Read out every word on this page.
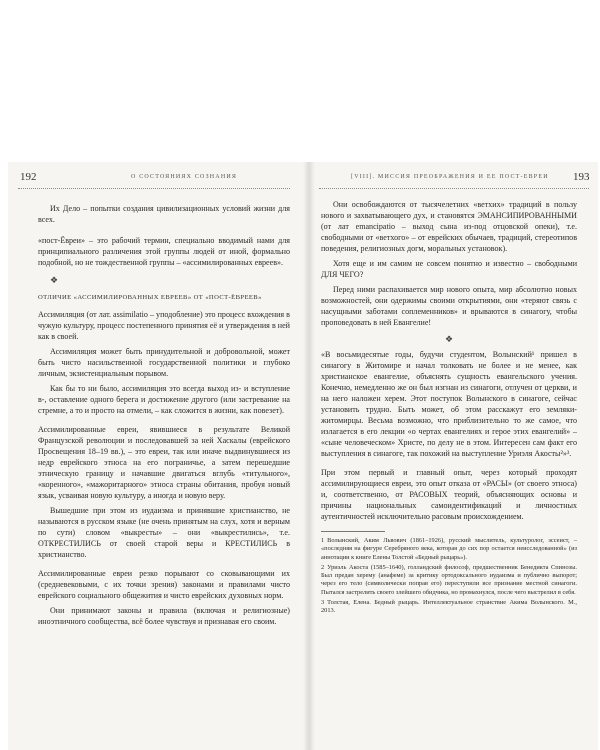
192	О СОСТОЯНИЯХ СОЗНАНИЯ

Их Дело – попытки создания цивилизационных условий жизни для всех.

«пост-Ёвреи» – это рабочий термин, специально вводимый нами для принципиального различения этой группы людей от иной, формально подобной, но не тождественной группы – «ассимилированных евреев».

❖
ОТЛИЧИЕ «АССИМИЛИРОВАННЫХ ЕВРЕЕВ» ОТ «ПОСТ-ЁВРЕЕВ»

Ассимиляция (от лат. assimilatio – уподобление) это процесс вхождения в чужую культуру, процесс постепенного принятия её и утверждения в ней как в своей.

Ассимиляция может быть принудительной и добровольной, может быть чисто насильственной государственной политики и глубоко личным, экзистенциальным порывом.

Как бы то ни было, ассимиляция это всегда выход из- и вступление в-, оставление одного берега и достижение другого (или застревание на стремне, а то и просто на отмели, – как сложится в жизни, как повезет).

Ассимилированные евреи, явившиеся в результате Великой Французской революции и последовавшей за ней Хаскалы (еврейского Просвещения 18–19 вв.), – это евреи, так или иначе выдвинувшиеся из недр еврейского этноса на его пограничье, а затем перешедшие этническую границу и начавшие двигаться вглубь «титульного», «коренного», «мажоритарного» этноса страны обитания, пробуя новый язык, усваивая новую культуру, а иногда и новую веру.

Вышедшие при этом из иудаизма и принявшие христианство, не называются в русском языке (не очень принятым на слух, хотя и верным по сути) словом «выкресты» – они «выкрестились», т.е. ОТКРЕСТИЛИСЬ от своей старой веры и КРЕСТИЛИСЬ в христианство.

Ассимилированные евреи резко порывают со сковывающими их (средневековыми, с их точки зрения) законами и правилами чисто еврейского социального общежития и чисто еврейских духовных норм.

Они принимают законы и правила (включая и религиозные) иноэтничного сообщества, всё более чувствуя и признавая его своим.

[VIII]. МИССИЯ ПРЕОБРАЖЕНИЯ И ЕЕ ПОСТ-ЕВРЕИ 193

Они освобождаются от тысячелетних «ветхих» традиций в пользу нового и захватывающего дух, и становятся ЭМАНСИПИРОВАННЫМИ (от лат emancipatio – выход сына из-под отцовской опеки), т.е. свободными от «ветхого» – от еврейских обычаев, традиций, стереотипов поведения, религиозных догм, моральных установок).

Хотя еще и им самим не совсем понятно и известно – свободными ДЛЯ ЧЕГО?

Перед ними распахивается мир нового опыта, мир абсолютно новых возможностей, они одержимы своими открытиями, они «теряют связь с насущными заботами соплеменников» и врываются в синагогу, чтобы проповедовать в ней Евангелие!

❖

«В восьмидесятые годы, будучи студентом, Волынский¹ пришел в синагогу в Житомире и начал толковать не более и не менее, как христианское евангелие, объяснять сущность евангельского учения. Конечно, немедленно же он был изгнан из синагоги, отлучен от церкви, и на него наложен херем. Этот поступок Волынского в синагоге, сейчас установить трудно. Быть может, об этом расскажут его земляки-житомирцы. Весьма возможно, что приблизительно то же самое, что излагается в его лекции «о чертах евангелиях и герое этих евангелий» – «сыне человеческом» Христе, по делу не в этом. Интересен сам факт его выступления в синагоге, так похожий на выступление Уриэля Акосты²»³.

При этом первый и главный опыт, через который проходят ассимилирующиеся евреи, это опыт отказа от «РАСЫ» (от своего этноса) и, соответственно, от РАСОВЫХ теорий, объясняющих основы и причины национальных самоидентификаций и личностных аутентичностей исключительно расовым происхождением.

1 Волынский, Аким Львович (1861–1926), русский мыслитель, культуролог, эссеист, – «последняя на фигуре Серебряного века, которая до сих пор остается неисследованной» (из аннотации к книге Елены Толстой «Бедный рыцарь»).

2 Уриэль Акоста (1585–1640), голландский философ, предшественник Бенедикта Спинозы. Был предан херему (анафеме) за критику ортодоксального иудаизма и публично выпорот; через его тело (символически поправ его) переступили все признание местной синагоги. Пытался застрелить своего злейшего обидчика, но промахнулся, после чего выстрелил в себя.

3 Толстая, Елена. Бедный рыцарь. Интеллектуальное странствие Акима Волынского. М., 2013.
